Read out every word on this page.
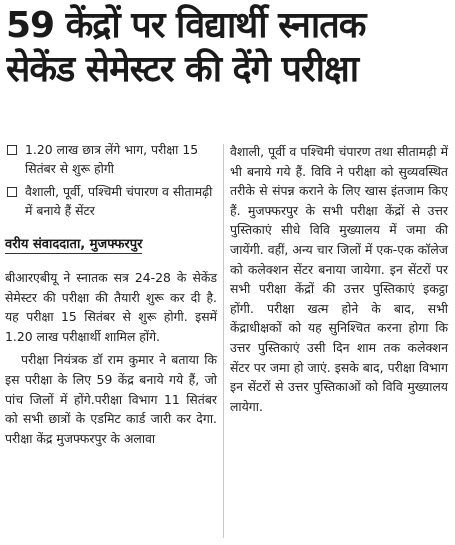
59 केंद्रों पर विद्यार्थी स्नातक
सेकेंड सेमेस्टर की देंगे परीक्षा
1.20 लाख छात्र लेंगे भाग, परीक्षा 15 सितंबर से शुरू होगी
वैशाली, पूर्वी, पश्चिमी चंपारण व सीतामढ़ी में बनाये हैं सेंटर
वरीय संवाददाता, मुजफ्फरपुर

बीआरएबीयू ने स्नातक सत्र 24-28 के सेकेंड सेमेस्टर की परीक्षा की तैयारी शुरू कर दी है. यह परीक्षा 15 सितंबर से शुरू होगी. इसमें 1.20 लाख परीक्षार्थी शामिल होंगे.

परीक्षा नियंत्रक डॉ राम कुमार ने बताया कि इस परीक्षा के लिए 59 केंद्र बनाये गये हैं, जो पांच जिलों में होंगे.परीक्षा विभाग 11 सितंबर को सभी छात्रों के एडमिट कार्ड जारी कर देगा. परीक्षा केंद्र मुजफ्फरपुर के अलावा

वैशाली, पूर्वी व पश्चिमी चंपारण तथा सीतामढ़ी में भी बनाये गये हैं. विवि ने परीक्षा को सुव्यवस्थित तरीके से संपन्न कराने के लिए खास इंतजाम किए हैं. मुजफ्फरपुर के सभी परीक्षा केंद्रों से उत्तर पुस्तिकाएं सीधे विवि मुख्यालय में जमा की जायेंगी. वहीं, अन्य चार जिलों में एक-एक कॉलेज को कलेक्शन सेंटर बनाया जायेगा. इन सेंटरों पर सभी परीक्षा केंद्रों की उत्तर पुस्तिकाएं इकट्ठा होंगी. परीक्षा खत्म होने के बाद, सभी केंद्राधीक्षकों को यह सुनिश्चित करना होगा कि उत्तर पुस्तिकाएं उसी दिन शाम तक कलेक्शन सेंटर पर जमा हो जाएं. इसके बाद, परीक्षा विभाग इन सेंटरों से उत्तर पुस्तिकाओं को विवि मुख्यालय लायेगा.
